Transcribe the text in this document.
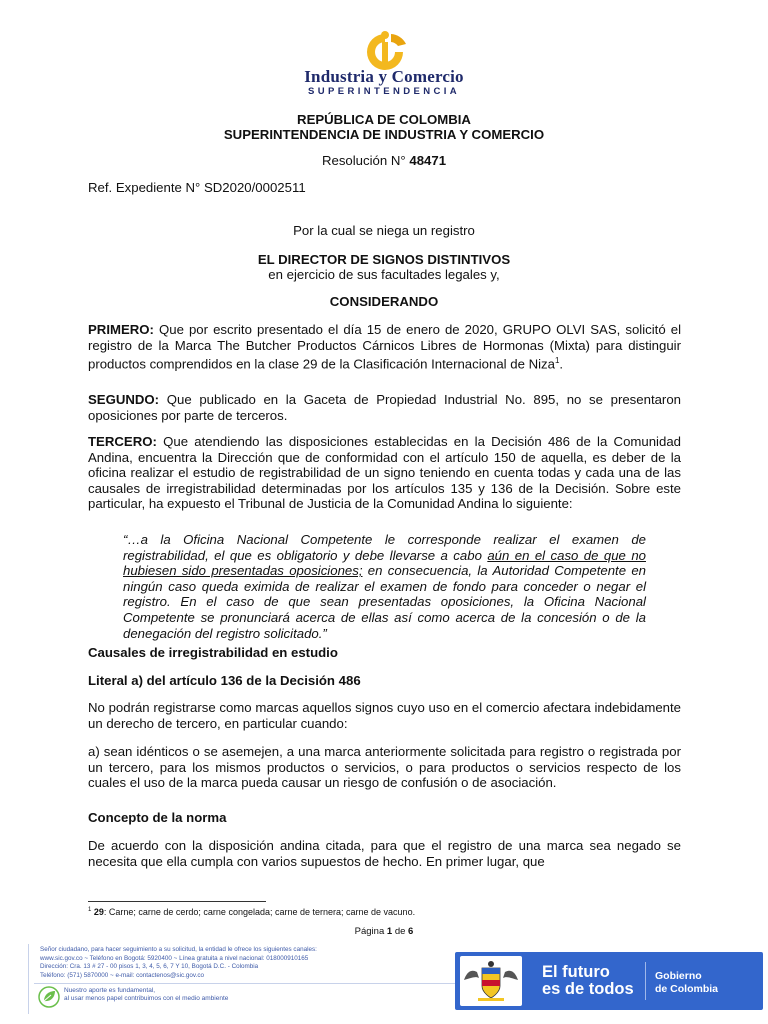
Industria y Comercio
SUPERINTENDENCIA
REPÚBLICA DE COLOMBIA
SUPERINTENDENCIA DE INDUSTRIA Y COMERCIO
Resolución N° 48471
Ref. Expediente N° SD2020/0002511
Por la cual se niega un registro
EL DIRECTOR DE SIGNOS DISTINTIVOS
en ejercicio de sus facultades legales y,
CONSIDERANDO
PRIMERO: Que por escrito presentado el día 15 de enero de 2020, GRUPO OLVI SAS, solicitó el registro de la Marca The Butcher Productos Cárnicos Libres de Hormonas (Mixta) para distinguir productos comprendidos en la clase 29 de la Clasificación Internacional de Niza$^1$.
SEGUNDO: Que publicado en la Gaceta de Propiedad Industrial No. 895, no se presentaron oposiciones por parte de terceros.
TERCERO: Que atendiendo las disposiciones establecidas en la Decisión 486 de la Comunidad Andina, encuentra la Dirección que de conformidad con el artículo 150 de aquella, es deber de la oficina realizar el estudio de registrabilidad de un signo teniendo en cuenta todas y cada una de las causales de irregistrabilidad determinadas por los artículos 135 y 136 de la Decisión. Sobre este particular, ha expuesto el Tribunal de Justicia de la Comunidad Andina lo siguiente:
“…a la Oficina Nacional Competente le corresponde realizar el examen de registrabilidad, el que es obligatorio y debe llevarse a cabo aún en el caso de que no hubiesen sido presentadas oposiciones; en consecuencia, la Autoridad Competente en ningún caso queda eximida de realizar el examen de fondo para conceder o negar el registro. En el caso de que sean presentadas oposiciones, la Oficina Nacional Competente se pronunciará acerca de ellas así como acerca de la concesión o de la denegación del registro solicitado.”
Causales de irregistrabilidad en estudio
Literal a) del artículo 136 de la Decisión 486
No podrán registrarse como marcas aquellos signos cuyo uso en el comercio afectara indebidamente un derecho de tercero, en particular cuando:
a) sean idénticos o se asemejen, a una marca anteriormente solicitada para registro o registrada por un tercero, para los mismos productos o servicios, o para productos o servicios respecto de los cuales el uso de la marca pueda causar un riesgo de confusión o de asociación.
Concepto de la norma
De acuerdo con la disposición andina citada, para que el registro de una marca sea negado se necesita que ella cumpla con varios supuestos de hecho. En primer lugar, que
$^1$ 29: Carne; carne de cerdo; carne congelada; carne de ternera; carne de vacuno.
Página 1 de 6
Señor ciudadano, para hacer seguimiento a su solicitud, la entidad le ofrece los siguientes canales:
www.sic.gov.co ~ Teléfono en Bogotá: 5920400 ~ Línea gratuita a nivel nacional: 018000910165
Dirección: Cra. 13 # 27 - 00 pisos 1, 3, 4, 5, 6, 7 Y 10, Bogotá D.C. - Colombia
Teléfono: (571) 5870000 ~ e-mail: contactenos@sic.gov.co
Nuestro aporte es fundamental,
al usar menos papel contribuimos con el medio ambiente
El futuro
es de todos
Gobierno
de Colombia
